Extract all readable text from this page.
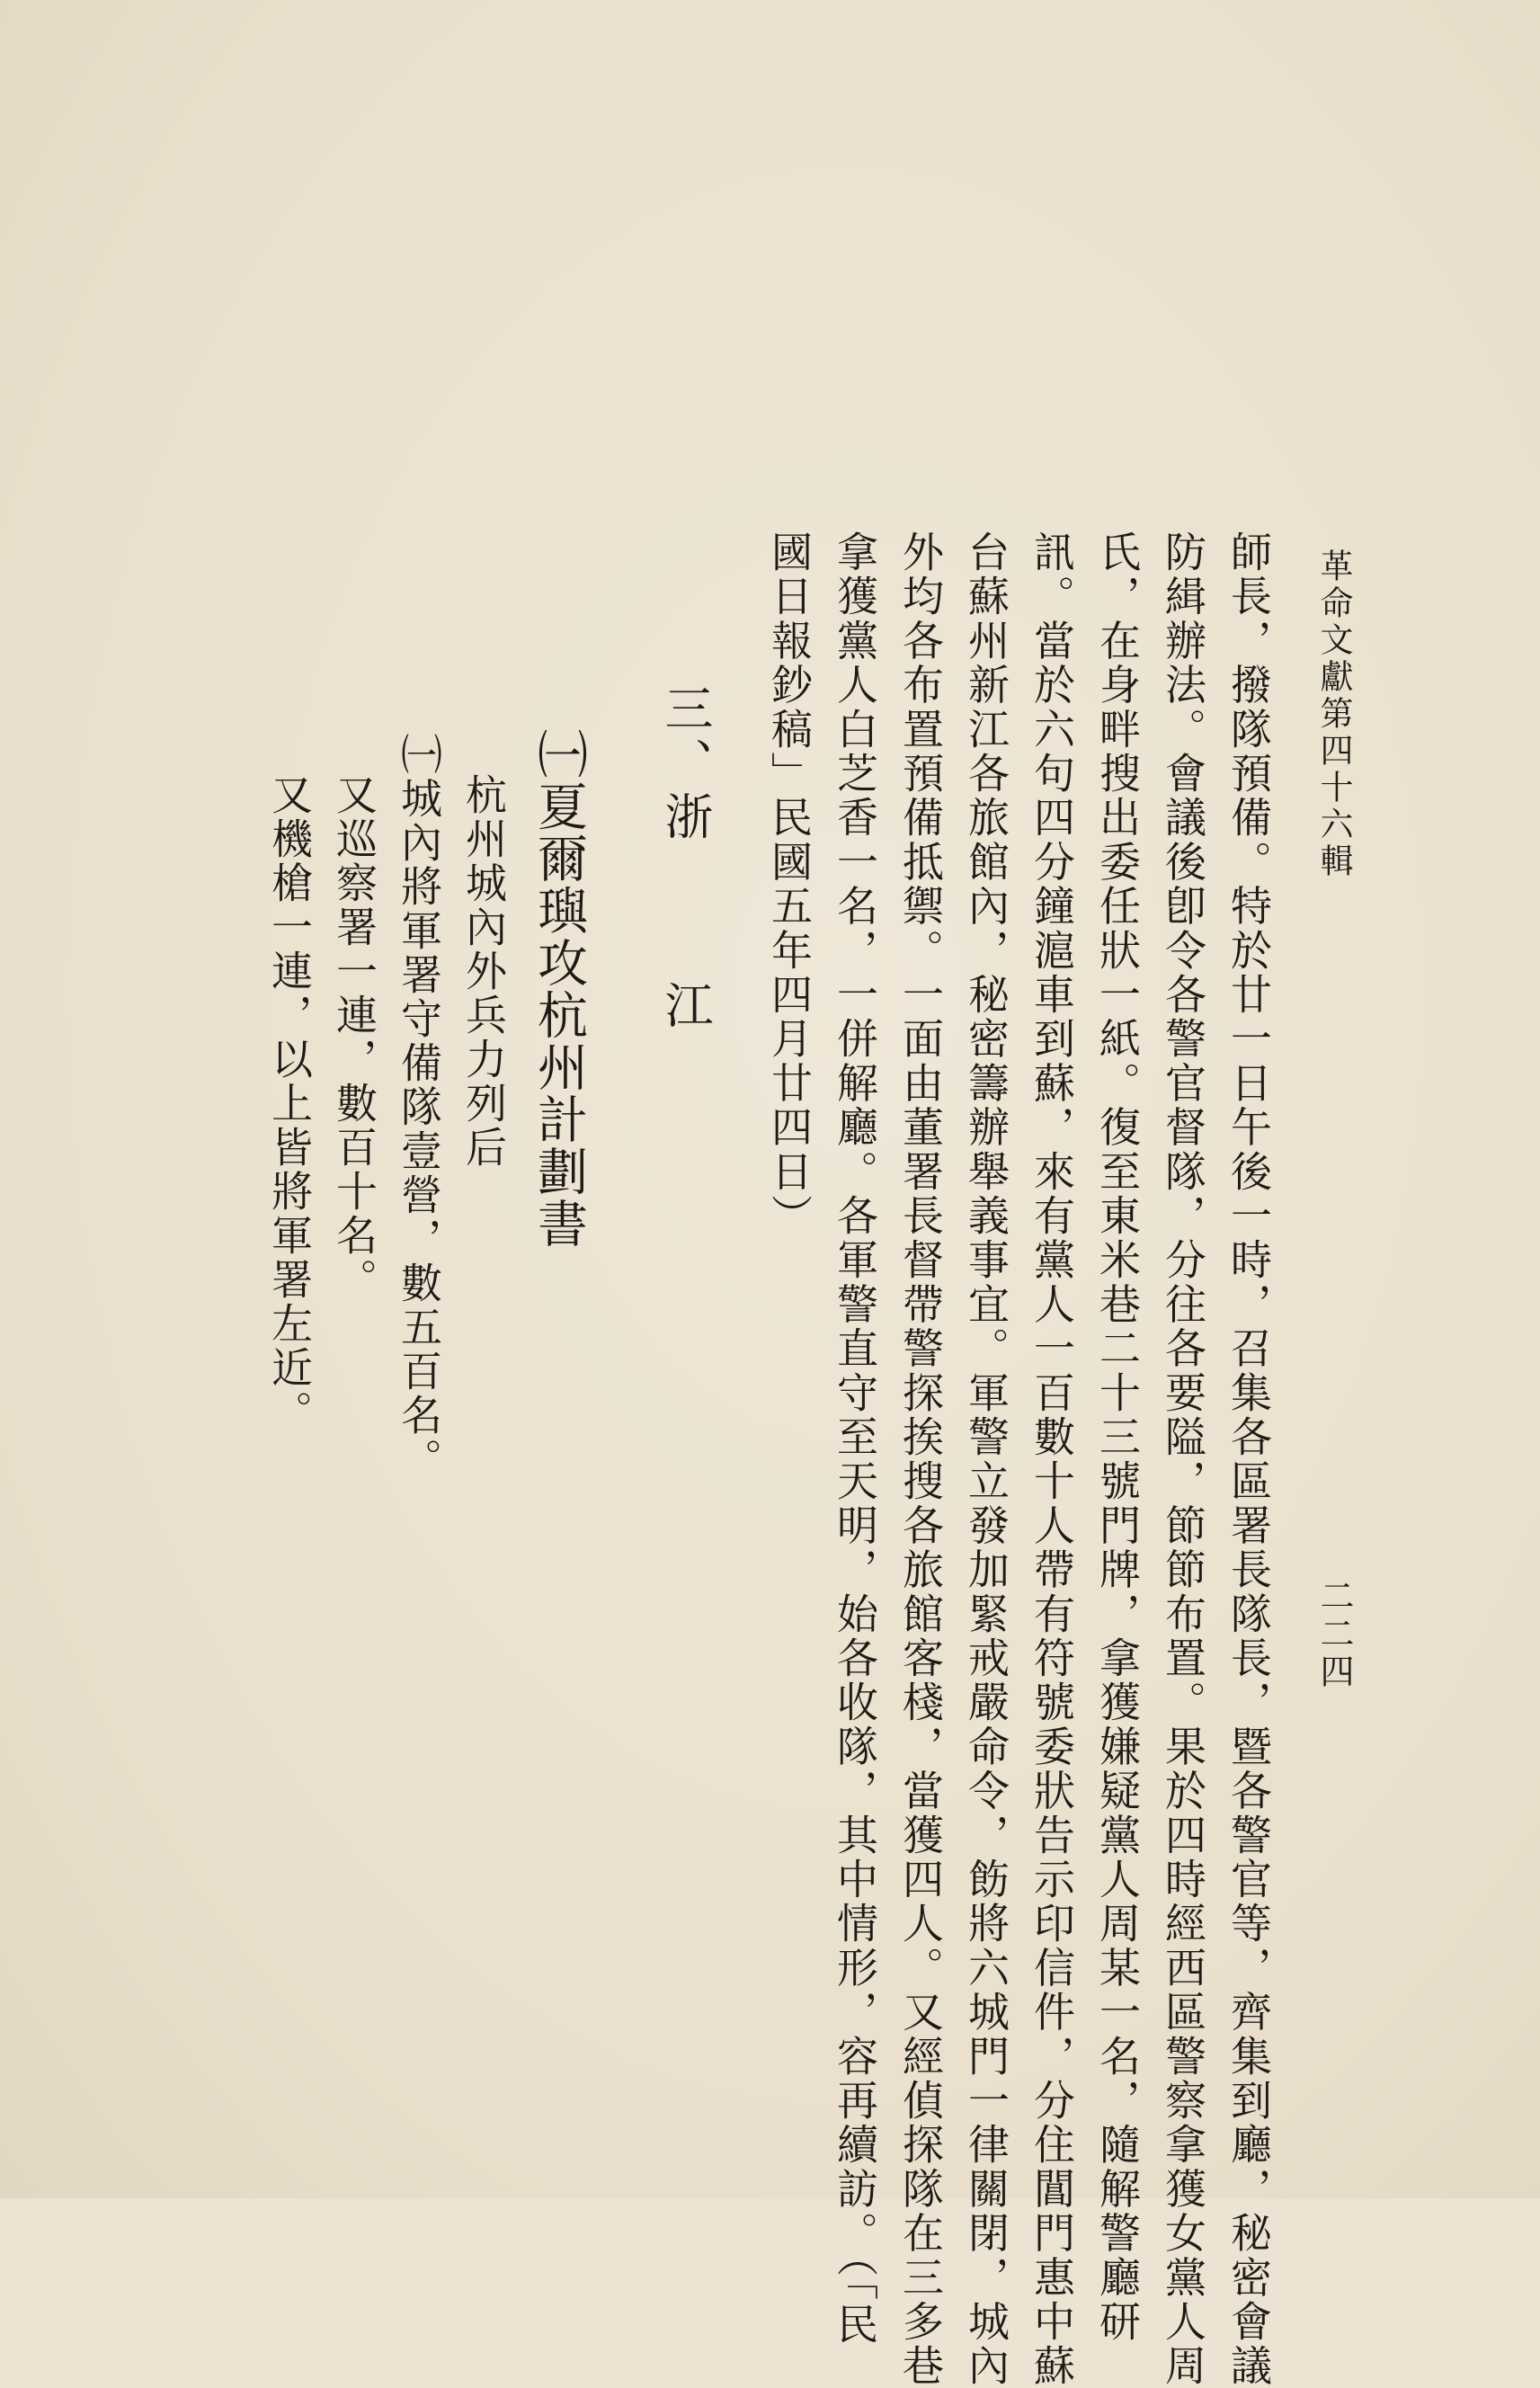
革命文獻第四十六輯
二二四
師長，撥隊預備。特於廿一日午後一時，召集各區署長隊長，暨各警官等，齊集到廳，秘密會議
防緝辦法。會議後卽令各警官督隊，分往各要隘，節節布置。果於四時經西區警察拿獲女黨人周
氏，在身畔搜出委任狀一紙。復至東米巷二十三號門牌，拿獲嫌疑黨人周某一名，隨解警廳研
訊。當於六句四分鐘滬車到蘇，來有黨人一百數十人帶有符號委狀告示印信件，分住閶門惠中蘇
台蘇州新江各旅館內，秘密籌辦舉義事宜。軍警立發加緊戒嚴命令，飭將六城門一律關閉，城內
外均各布置預備抵禦。一面由董署長督帶警探挨搜各旅館客棧，當獲四人。又經偵探隊在三多巷
拿獲黨人白芝香一名，一併解廳。各軍警直守至天明，始各收隊，其中情形，容再續訪。（「民
國日報鈔稿」民國五年四月廿四日）
三、浙江
㈠夏爾璵攻杭州計劃書
杭州城內外兵力列后
㈠城內將軍署守備隊壹營，數五百名。
又巡察署一連，數百十名。
又機槍一連，以上皆將軍署左近。
